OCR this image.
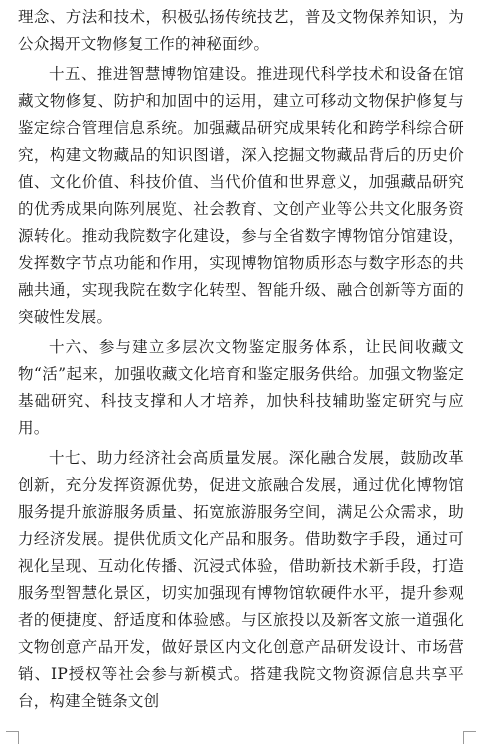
理念、方法和技术，积极弘扬传统技艺，普及文物保养知识，为公众揭开文物修复工作的神秘面纱。

十五、推进智慧博物馆建设。推进现代科学技术和设备在馆藏文物修复、防护和加固中的运用，建立可移动文物保护修复与鉴定综合管理信息系统。加强藏品研究成果转化和跨学科综合研究，构建文物藏品的知识图谱，深入挖掘文物藏品背后的历史价值、文化价值、科技价值、当代价值和世界意义，加强藏品研究的优秀成果向陈列展览、社会教育、文创产业等公共文化服务资源转化。推动我院数字化建设，参与全省数字博物馆分馆建设，发挥数字节点功能和作用，实现博物馆物质形态与数字形态的共融共通，实现我院在数字化转型、智能升级、融合创新等方面的突破性发展。

十六、参与建立多层次文物鉴定服务体系，让民间收藏文物“活”起来，加强收藏文化培育和鉴定服务供给。加强文物鉴定基础研究、科技支撑和人才培养，加快科技辅助鉴定研究与应用。

十七、助力经济社会高质量发展。深化融合发展，鼓励改革创新，充分发挥资源优势，促进文旅融合发展，通过优化博物馆服务提升旅游服务质量、拓宽旅游服务空间，满足公众需求，助力经济发展。提供优质文化产品和服务。借助数字手段，通过可视化呈现、互动化传播、沉浸式体验，借助新技术新手段，打造服务型智慧化景区，切实加强现有博物馆软硬件水平，提升参观者的便捷度、舒适度和体验感。与区旅投以及新客文旅一道强化文物创意产品开发，做好景区内文化创意产品研发设计、市场营销、IP授权等社会参与新模式。搭建我院文物资源信息共享平台，构建全链条文创
